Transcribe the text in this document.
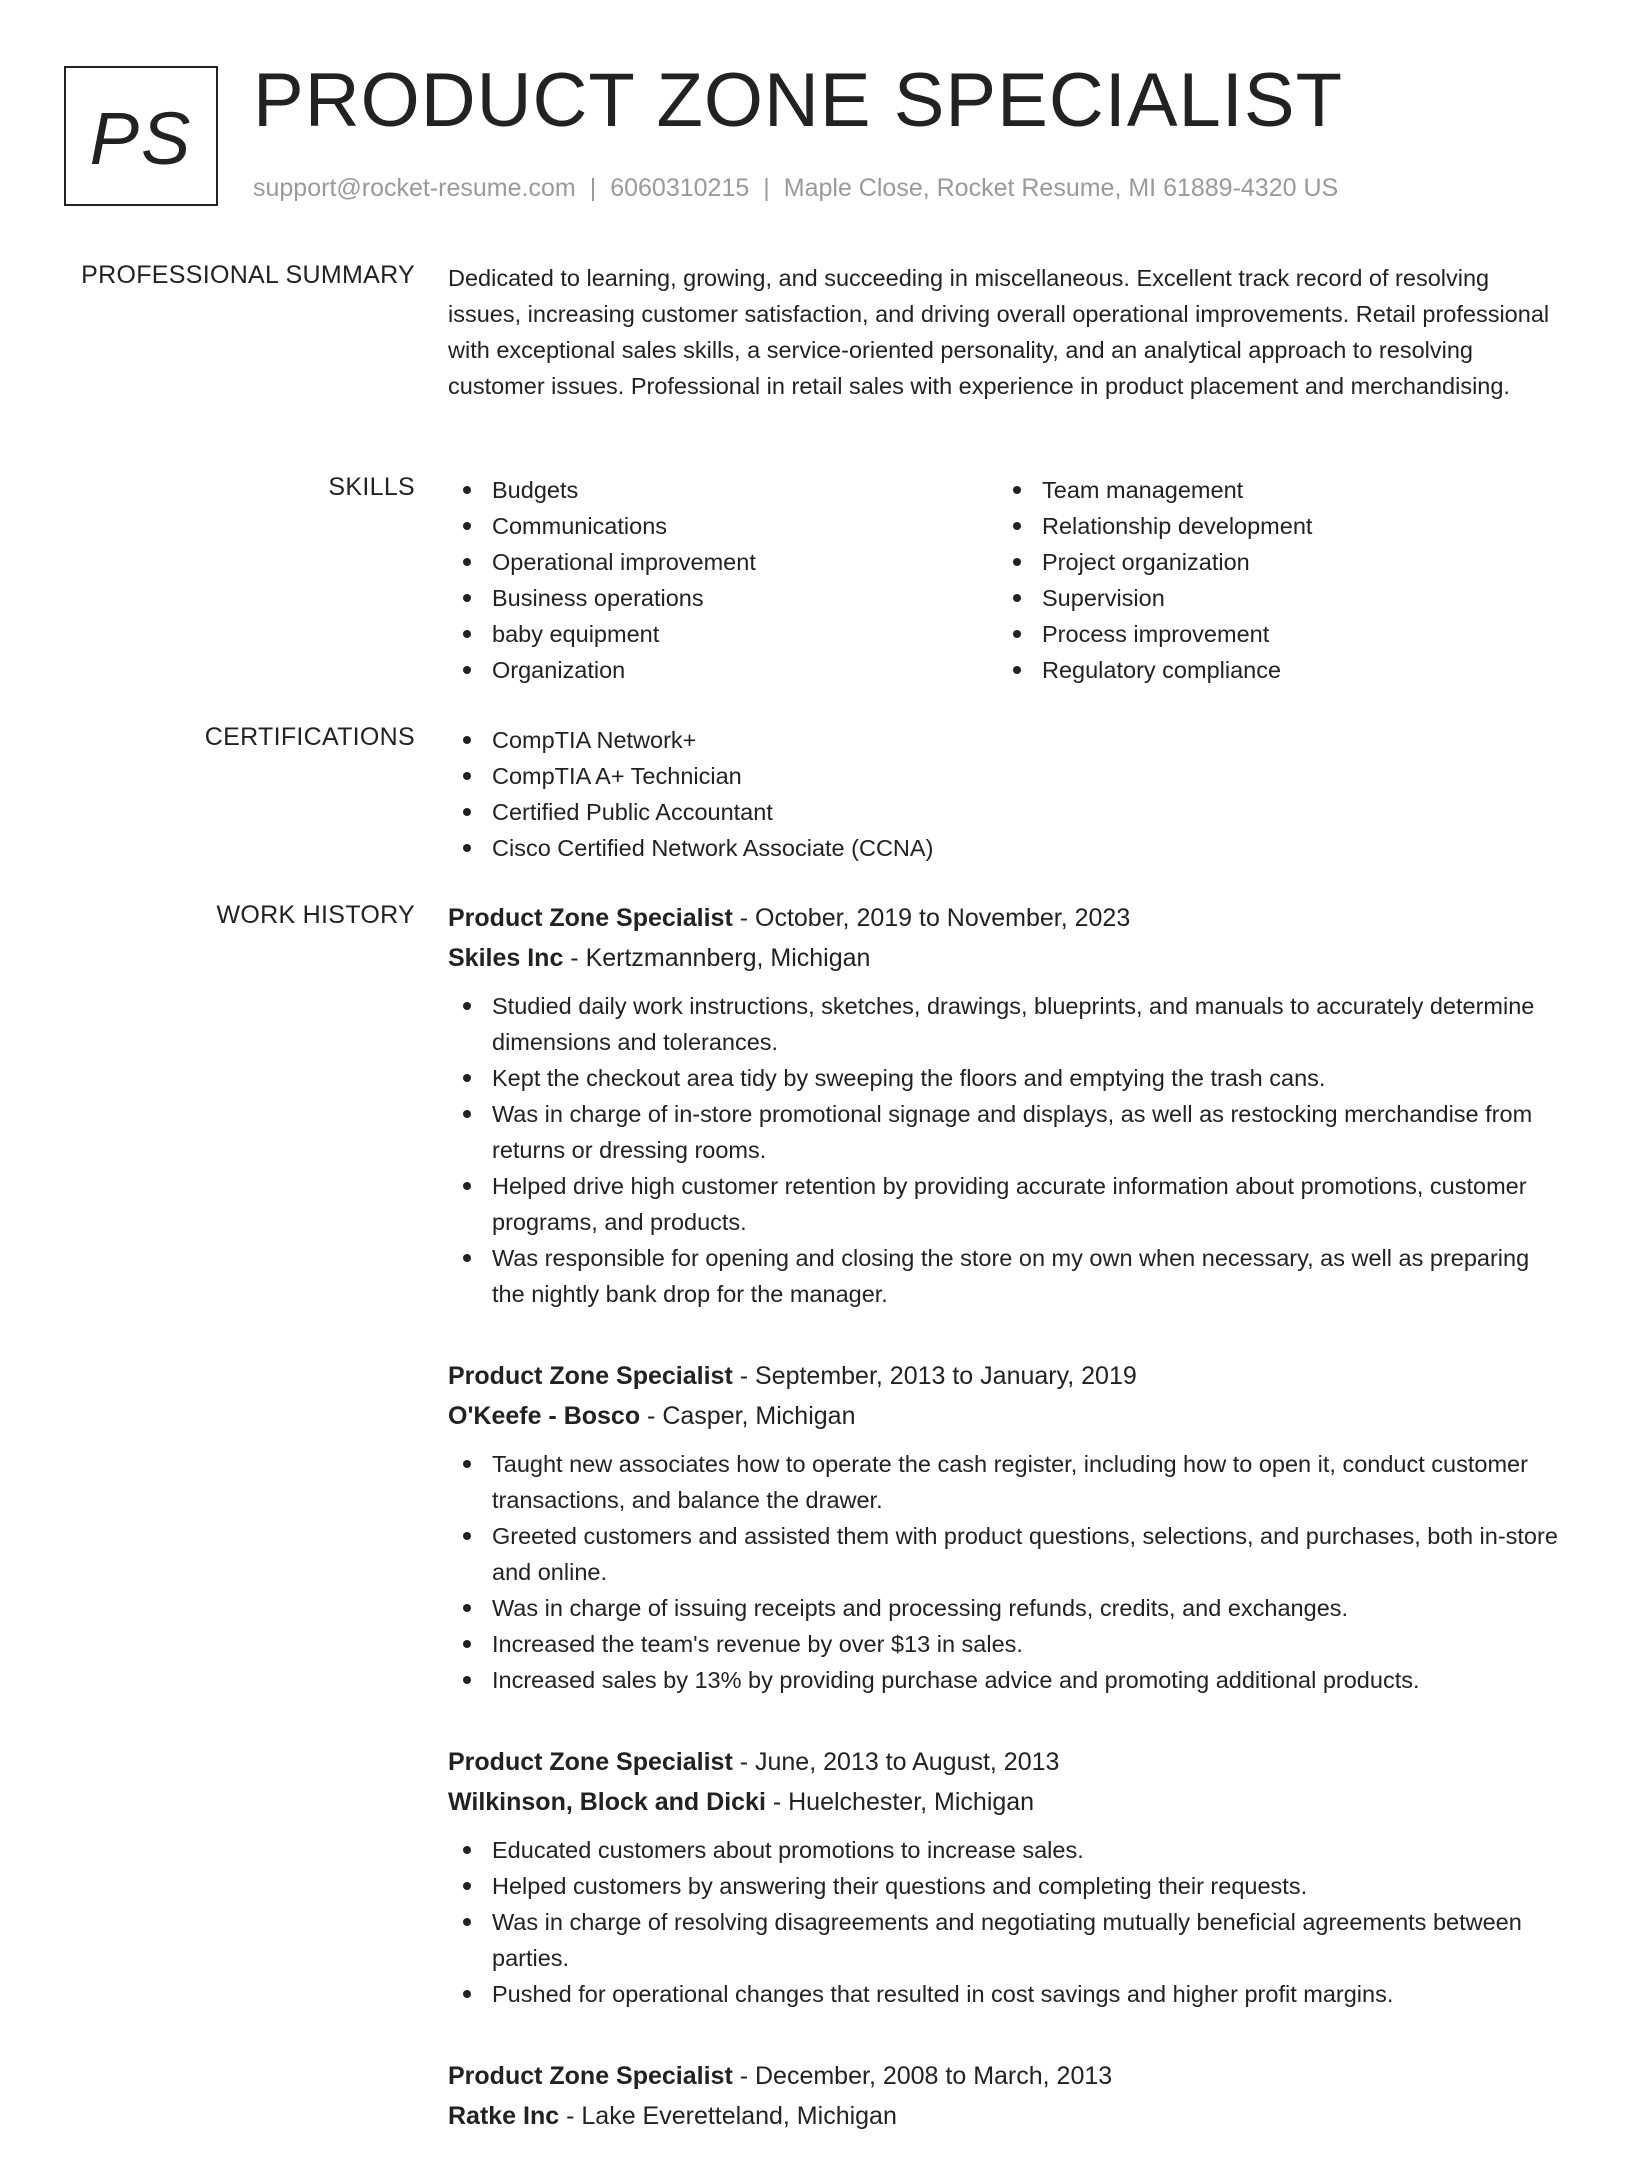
PS PRODUCT ZONE SPECIALIST
support@rocket-resume.com | 6060310215 | Maple Close, Rocket Resume, MI 61889-4320 US
PROFESSIONAL SUMMARY Dedicated to learning, growing, and succeeding in miscellaneous. Excellent track record of resolving issues, increasing customer satisfaction, and driving overall operational improvements. Retail professional with exceptional sales skills, a service-oriented personality, and an analytical approach to resolving customer issues. Professional in retail sales with experience in product placement and merchandising.

SKILLS	Budgets
Communications
Operational improvement
Business operations
baby equipment
Organization
Team management
Relationship development
Project organization
Supervision
Process improvement
Regulatory compliance
CERTIFICATIONS	CompTIA Network+
CompTIA A+ Technician
Certified Public Accountant
Cisco Certified Network Associate (CCNA)
WORK HISTORY Product Zone Specialist - October, 2019 to November, 2023
Skiles Inc - Kertzmannberg, Michigan
Studied daily work instructions, sketches, drawings, blueprints, and manuals to accurately determine dimensions and tolerances.
Kept the checkout area tidy by sweeping the floors and emptying the trash cans.
Was in charge of in-store promotional signage and displays, as well as restocking merchandise from returns or dressing rooms.
Helped drive high customer retention by providing accurate information about promotions, customer programs, and products.
Was responsible for opening and closing the store on my own when necessary, as well as preparing the nightly bank drop for the manager.
Product Zone Specialist - September, 2013 to January, 2019
O'Keefe - Bosco - Casper, Michigan
Taught new associates how to operate the cash register, including how to open it, conduct customer transactions, and balance the drawer.
Greeted customers and assisted them with product questions, selections, and purchases, both in-store and online.
Was in charge of issuing receipts and processing refunds, credits, and exchanges.
Increased the team's revenue by over $13 in sales.
Increased sales by 13% by providing purchase advice and promoting additional products.
Product Zone Specialist - June, 2013 to August, 2013
Wilkinson, Block and Dicki - Huelchester, Michigan
Educated customers about promotions to increase sales.
Helped customers by answering their questions and completing their requests.
Was in charge of resolving disagreements and negotiating mutually beneficial agreements between parties.
Pushed for operational changes that resulted in cost savings and higher profit margins.
Product Zone Specialist - December, 2008 to March, 2013
Ratke Inc - Lake Everetteland, Michigan
